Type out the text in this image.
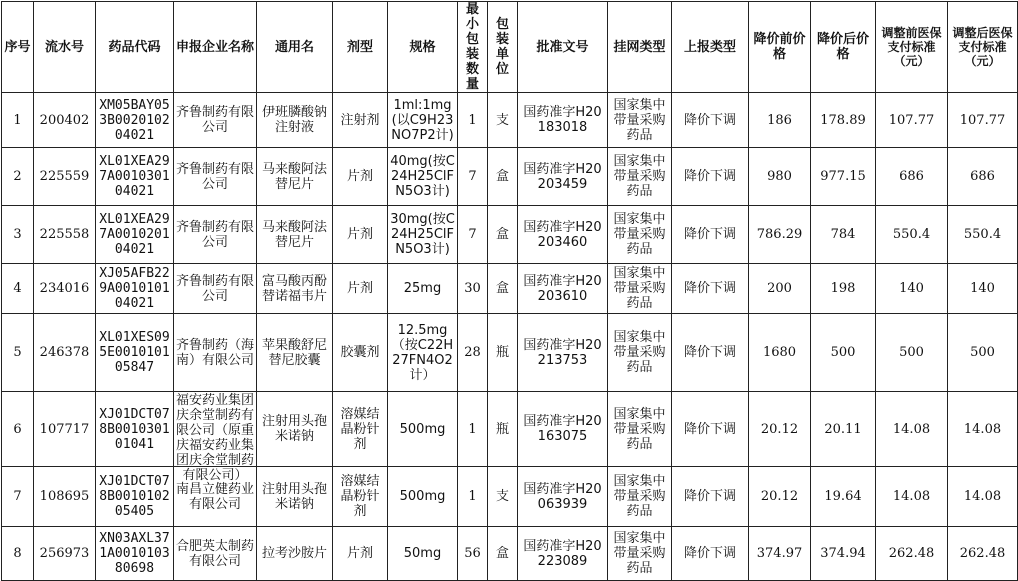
序号	流水号	药品代码	申报企业名称	通用名	剂型	规格	最小包装数量	包装单位	批准文号	挂网类型	上报类型	降价前价格	降价后价格	调整前医保支付标准（元）	调整后医保支付标准（元）
1	200402	XM05BAY053B002010204021	齐鲁制药有限公司	伊班膦酸钠注射液	注射剂	1ml:1mg(以C9H23NO7P2计)	1	支	国药准字H20183018	国家集中带量采购药品	降价下调	186	178.89	107.77	107.77
2	225559	XL01XEA297A001030104021	齐鲁制药有限公司	马来酸阿法替尼片	片剂	40mg(按C24H25ClFN5O3计)	7	盒	国药准字H20203459	国家集中带量采购药品	降价下调	980	977.15	686	686
3	225558	XL01XEA297A001020104021	齐鲁制药有限公司	马来酸阿法替尼片	片剂	30mg(按C24H25ClFN5O3计)	7	盒	国药准字H20203460	国家集中带量采购药品	降价下调	786.29	784	550.4	550.4
4	234016	XJ05AFB229A001010104021	齐鲁制药有限公司	富马酸丙酚替诺福韦片	片剂	25mg	30	盒	国药准字H20203610	国家集中带量采购药品	降价下调	200	198	140	140
5	246378	XL01XES095E001010105847	齐鲁制药（海南）有限公司	苹果酸舒尼替尼胶囊	胶囊剂	12.5mg（按C22H27FN4O2计）	28	瓶	国药准字H20213753	国家集中带量采购药品	降价下调	1680	500	500	500
6	107717	XJ01DCT078B001030101041	福安药业集团庆余堂制药有限公司（原重庆福安药业集团庆余堂制药有限公司）	注射用头孢米诺钠	溶媒结晶粉针剂	500mg	1	瓶	国药准字H20163075	国家集中带量采购药品	降价下调	20.12	20.11	14.08	14.08
7	108695	XJ01DCT078B001010205405	南昌立健药业有限公司	注射用头孢米诺钠	溶媒结晶粉针剂	500mg	1	支	国药准字H20063939	国家集中带量采购药品	降价下调	20.12	19.64	14.08	14.08
8	256973	XN03AXL371A001010380698	合肥英太制药有限公司	拉考沙胺片	片剂	50mg	56	盒	国药准字H20223089	国家集中带量采购药品	降价下调	374.97	374.94	262.48	262.48
